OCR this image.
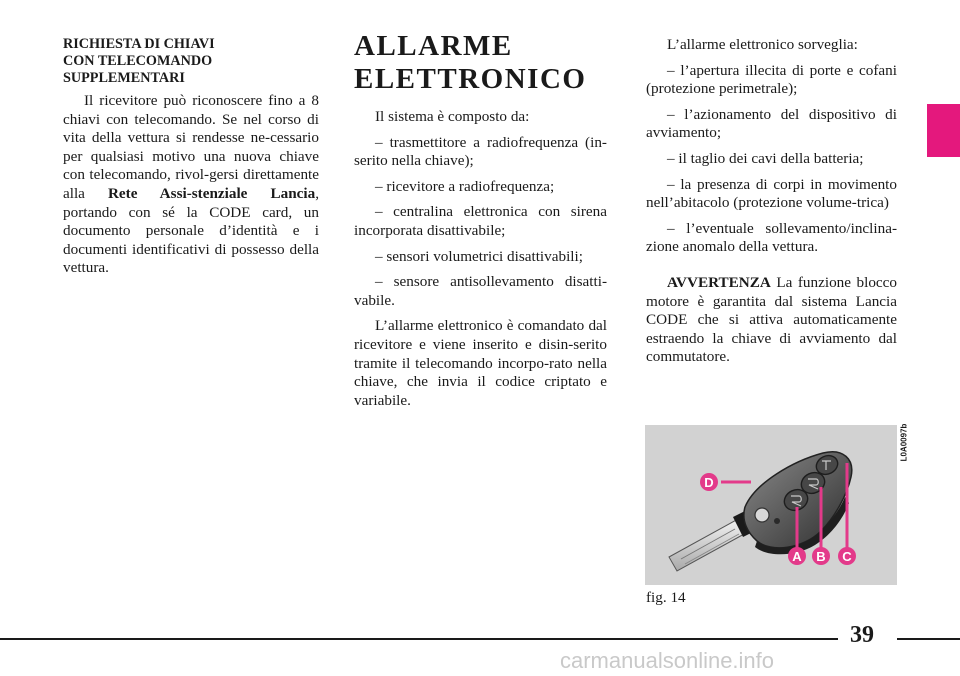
RICHIESTA DI CHIAVI
CON TELECOMANDO
SUPPLEMENTARI

Il ricevitore può riconoscere fino a 8 chiavi con telecomando. Se nel corso di vita della vettura si rendesse ne-cessario per qualsiasi motivo una nuova chiave con telecomando, rivol-gersi direttamente alla Rete Assi-stenziale Lancia, portando con sé la CODE card, un documento personale d’identità e i documenti identificativi di possesso della vettura.

ALLARME
ELETTRONICO

Il sistema è composto da:

– trasmettitore a radiofrequenza (in-serito nella chiave);

– ricevitore a radiofrequenza;

– centralina elettronica con sirena incorporata disattivabile;

– sensori volumetrici disattivabili;

– sensore antisollevamento disatti-vabile.

L’allarme elettronico è comandato dal ricevitore e viene inserito e disin-serito tramite il telecomando incorpo-rato nella chiave, che invia il codice criptato e variabile.

L’allarme elettronico sorveglia:

– l’apertura illecita di porte e cofani (protezione perimetrale);

– l’azionamento del dispositivo di avviamento;

– il taglio dei cavi della batteria;

– la presenza di corpi in movimento nell’abitacolo (protezione volume-trica)

– l’eventuale sollevamento/inclina-zione anomalo della vettura.

AVVERTENZA La funzione blocco motore è garantita dal sistema Lancia CODE che si attiva automaticamente estraendo la chiave di avviamento dal commutatore.

A B C
D
L0A0097b
fig. 14
39
carmanualsonline.info
